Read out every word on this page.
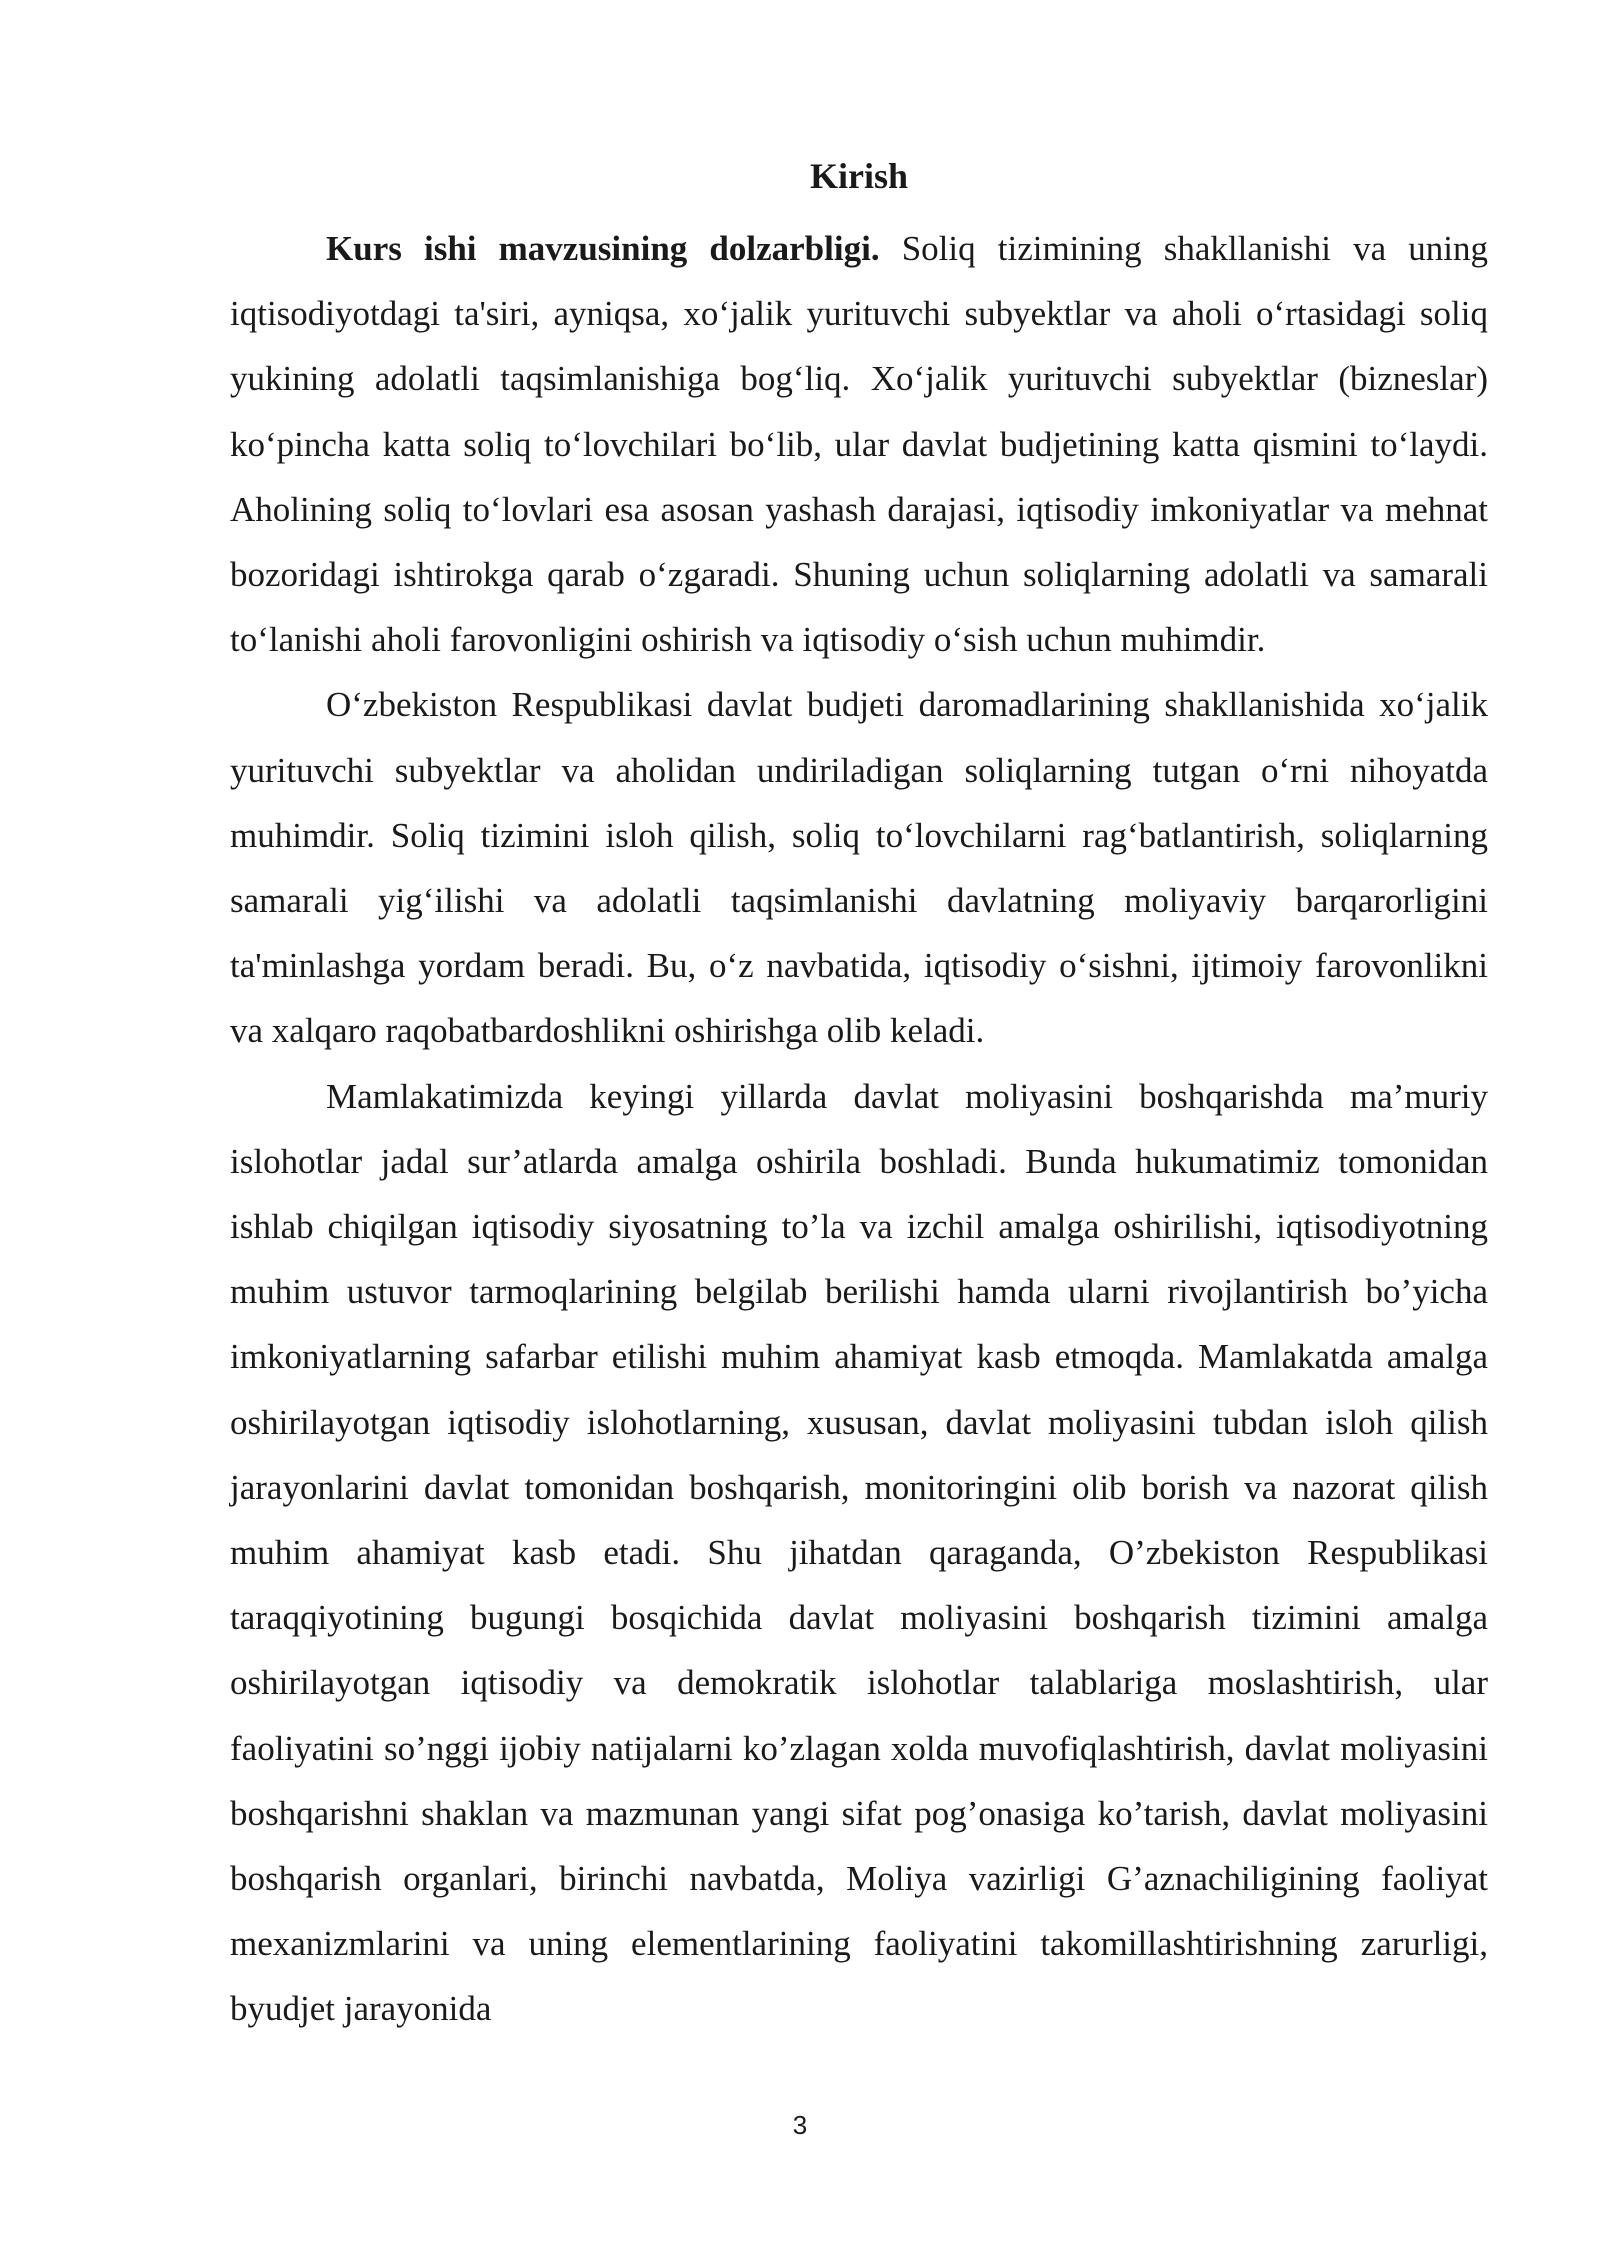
Kirish

Kurs ishi mavzusining dolzarbligi. Soliq tizimining shakllanishi va uning iqtisodiyotdagi ta'siri, ayniqsa, xoʻjalik yurituvchi subyektlar va aholi oʻrtasidagi soliq yukining adolatli taqsimlanishiga bogʻliq. Xoʻjalik yurituvchi subyektlar (bizneslar) koʻpincha katta soliq toʻlovchilari boʻlib, ular davlat budjetining katta qismini toʻlaydi. Aholining soliq toʻlovlari esa asosan yashash darajasi, iqtisodiy imkoniyatlar va mehnat bozoridagi ishtirokga qarab oʻzgaradi. Shuning uchun soliqlarning adolatli va samarali toʻlanishi aholi farovonligini oshirish va iqtisodiy oʻsish uchun muhimdir.

Oʻzbekiston Respublikasi davlat budjeti daromadlarining shakllanishida xoʻjalik yurituvchi subyektlar va aholidan undiriladigan soliqlarning tutgan oʻrni nihoyatda muhimdir. Soliq tizimini isloh qilish, soliq toʻlovchilarni ragʻbatlantirish, soliqlarning samarali yigʻilishi va adolatli taqsimlanishi davlatning moliyaviy barqarorligini ta'minlashga yordam beradi. Bu, oʻz navbatida, iqtisodiy oʻsishni, ijtimoiy farovonlikni va xalqaro raqobatbardoshlikni oshirishga olib keladi.

Mamlakatimizda keyingi yillarda davlat moliyasini boshqarishda ma’muriy islohotlar jadal sur’atlarda amalga oshirila boshladi. Bunda hukumatimiz tomonidan ishlab chiqilgan iqtisodiy siyosatning to’la va izchil amalga oshirilishi, iqtisodiyotning muhim ustuvor tarmoqlarining belgilab berilishi hamda ularni rivojlantirish bo’yicha imkoniyatlarning safarbar etilishi muhim ahamiyat kasb etmoqda. Mamlakatda amalga oshirilayotgan iqtisodiy islohotlarning, xususan, davlat moliyasini tubdan isloh qilish jarayonlarini davlat tomonidan boshqarish, monitoringini olib borish va nazorat qilish muhim ahamiyat kasb etadi. Shu jihatdan qaraganda, O’zbekiston Respublikasi taraqqiyotining bugungi bosqichida davlat moliyasini boshqarish tizimini amalga oshirilayotgan iqtisodiy va demokratik islohotlar talablariga moslashtirish, ular faoliyatini so’nggi ijobiy natijalarni ko’zlagan xolda muvofiqlashtirish, davlat moliyasini boshqarishni shaklan va mazmunan yangi sifat pog’onasiga ko’tarish, davlat moliyasini boshqarish organlari, birinchi navbatda, Moliya vazirligi G’aznachiligining faoliyat mexanizmlarini va uning elementlarining faoliyatini takomillashtirishning zarurligi, byudjet jarayonida

3
